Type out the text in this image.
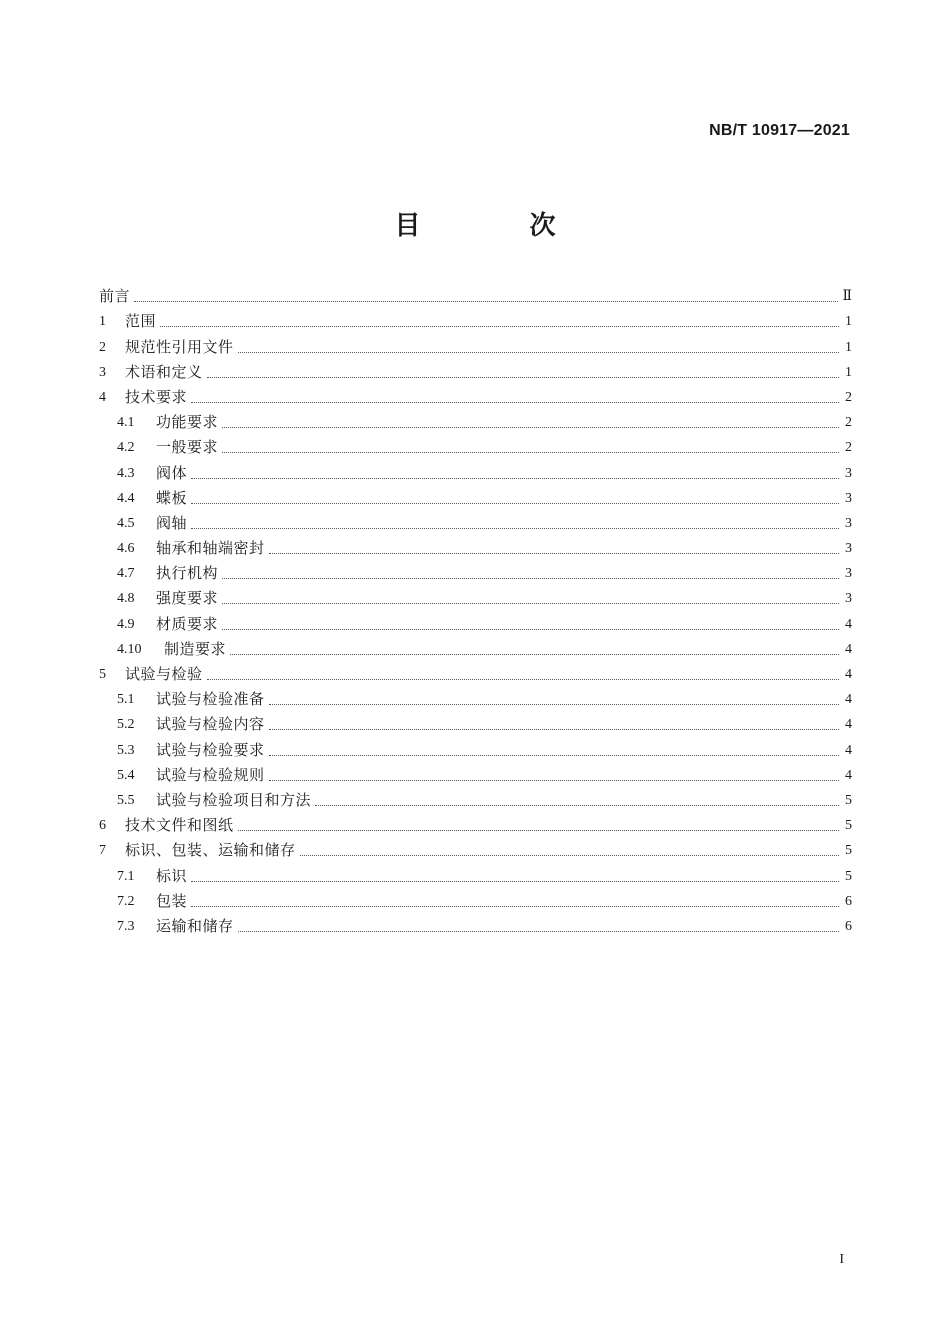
NB/T 10917—2021
目 次
前言	Ⅱ
1	范围	1
2	规范性引用文件	1
3	术语和定义	1
4	技术要求	2
4.1	功能要求	2
4.2	一般要求	2
4.3	阀体	3
4.4	蝶板	3
4.5	阀轴	3
4.6	轴承和轴端密封	3
4.7	执行机构	3
4.8	强度要求	3
4.9	材质要求	4
4.10	制造要求	4
5	试验与检验	4
5.1	试验与检验准备	4
5.2	试验与检验内容	4
5.3	试验与检验要求	4
5.4	试验与检验规则	4
5.5	试验与检验项目和方法	5
6	技术文件和图纸	5
7	标识、包装、运输和储存	5
7.1	标识	5
7.2	包装	6
7.3	运输和储存	6
I
